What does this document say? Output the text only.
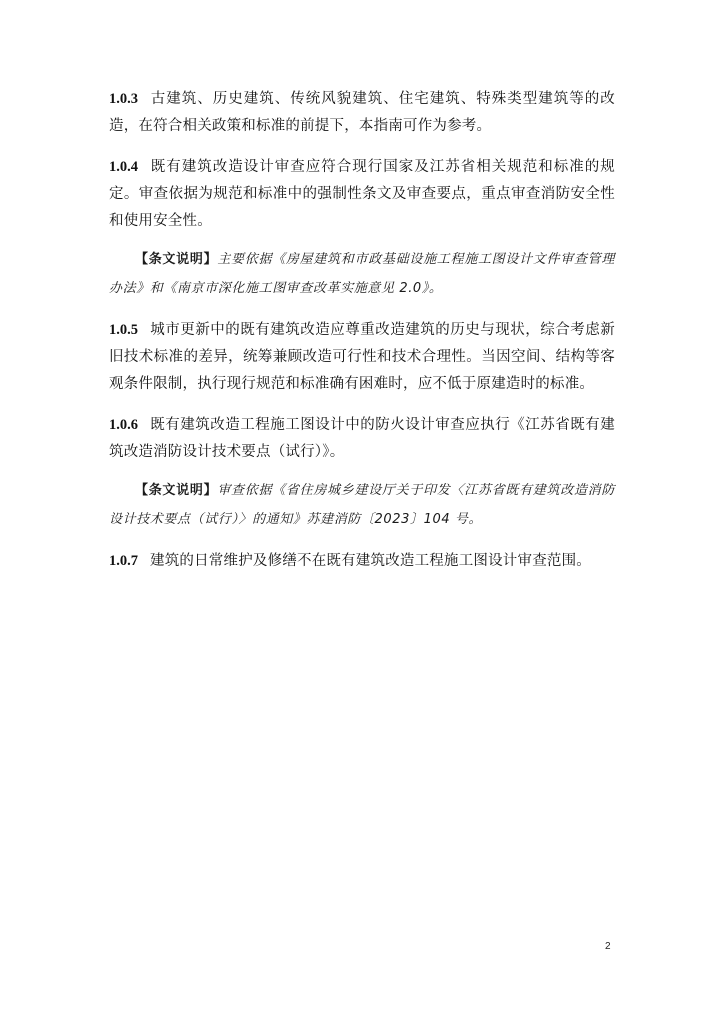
1.0.3 古建筑、历史建筑、传统风貌建筑、住宅建筑、特殊类型建筑等的改造，在符合相关政策和标准的前提下，本指南可作为参考。

1.0.4 既有建筑改造设计审查应符合现行国家及江苏省相关规范和标准的规定。审查依据为规范和标准中的强制性条文及审查要点，重点审查消防安全性和使用安全性。

【条文说明】主要依据《房屋建筑和市政基础设施工程施工图设计文件审查管理办法》和《南京市深化施工图审查改革实施意见 2.0》。

1.0.5 城市更新中的既有建筑改造应尊重改造建筑的历史与现状，综合考虑新旧技术标准的差异，统筹兼顾改造可行性和技术合理性。当因空间、结构等客观条件限制，执行现行规范和标准确有困难时，应不低于原建造时的标准。

1.0.6 既有建筑改造工程施工图设计中的防火设计审查应执行《江苏省既有建筑改造消防设计技术要点（试行）》。

【条文说明】审查依据《省住房城乡建设厅关于印发〈江苏省既有建筑改造消防设计技术要点（试行）〉的通知》苏建消防〔2023〕104 号。

1.0.7 建筑的日常维护及修缮不在既有建筑改造工程施工图设计审查范围。

2
